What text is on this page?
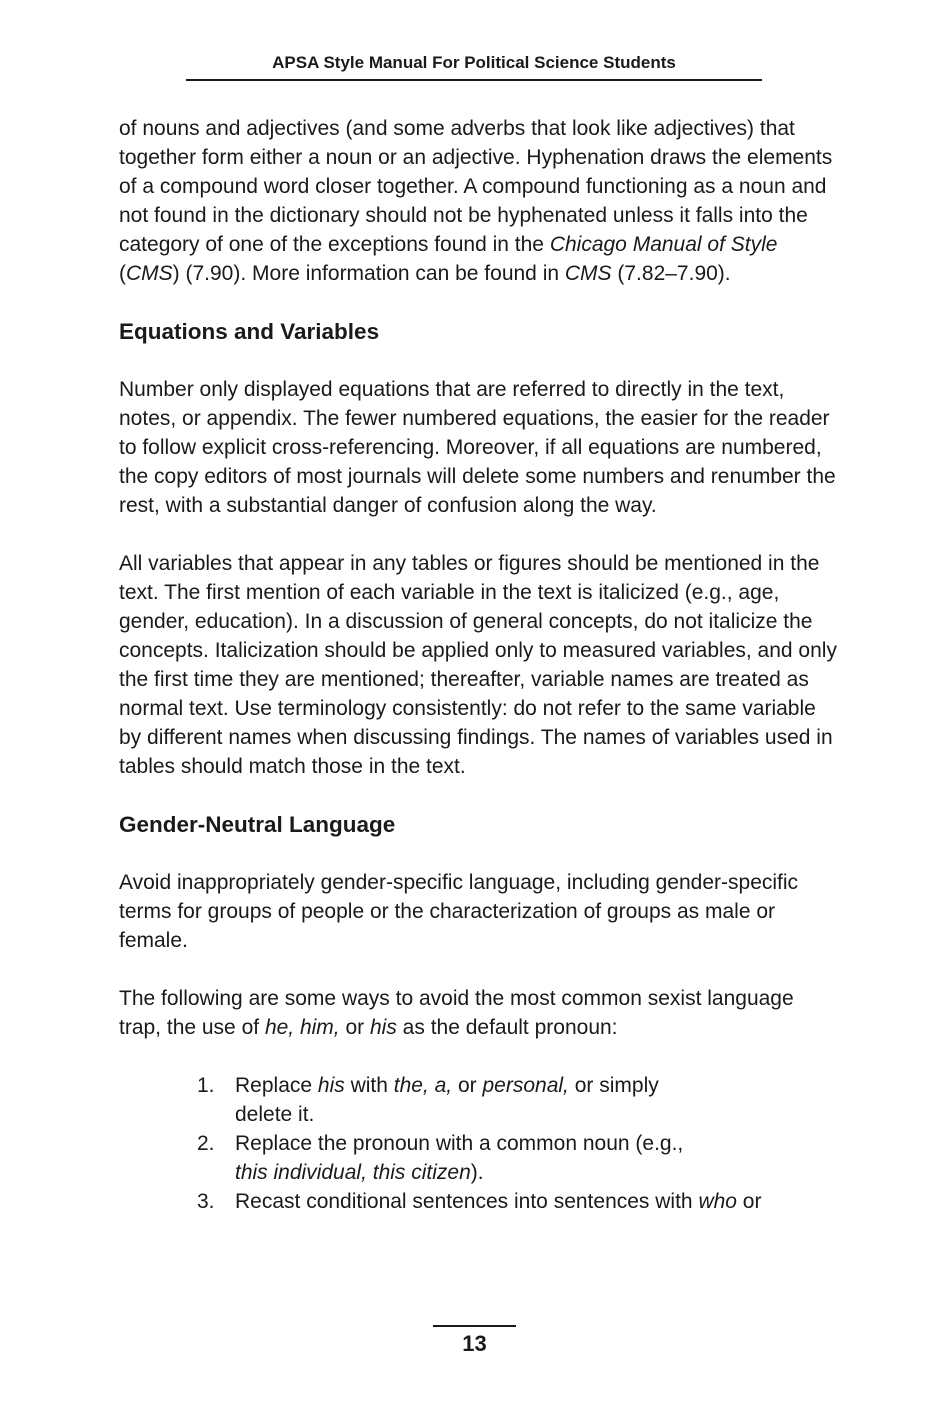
APSA Style Manual For Political Science Students

of nouns and adjectives (and some adverbs that look like adjectives) that together form either a noun or an adjective. Hyphenation draws the elements of a compound word closer together. A compound functioning as a noun and not found in the dictionary should not be hyphenated unless it falls into the category of one of the exceptions found in the Chicago Manual of Style (CMS) (7.90). More information can be found in CMS (7.82–7.90).

Equations and Variables

Number only displayed equations that are referred to directly in the text, notes, or appendix. The fewer numbered equations, the easier for the reader to follow explicit cross-referencing. Moreover, if all equations are numbered, the copy editors of most journals will delete some numbers and renumber the rest, with a substantial danger of confusion along the way.

All variables that appear in any tables or figures should be mentioned in the text. The first mention of each variable in the text is italicized (e.g., age, gender, education). In a discussion of general concepts, do not italicize the concepts. Italicization should be applied only to measured variables, and only the first time they are mentioned; thereafter, variable names are treated as normal text. Use terminology consistently: do not refer to the same variable by different names when discussing findings. The names of variables used in tables should match those in the text.

Gender-Neutral Language

Avoid inappropriately gender-specific language, including gender-specific terms for groups of people or the characterization of groups as male or female.

The following are some ways to avoid the most common sexist language trap, the use of he, him, or his as the default pronoun:

1. Replace his with the, a, or personal, or simply
delete it.
2. Replace the pronoun with a common noun (e.g.,
this individual, this citizen).
3. Recast conditional sentences into sentences with who or
13
